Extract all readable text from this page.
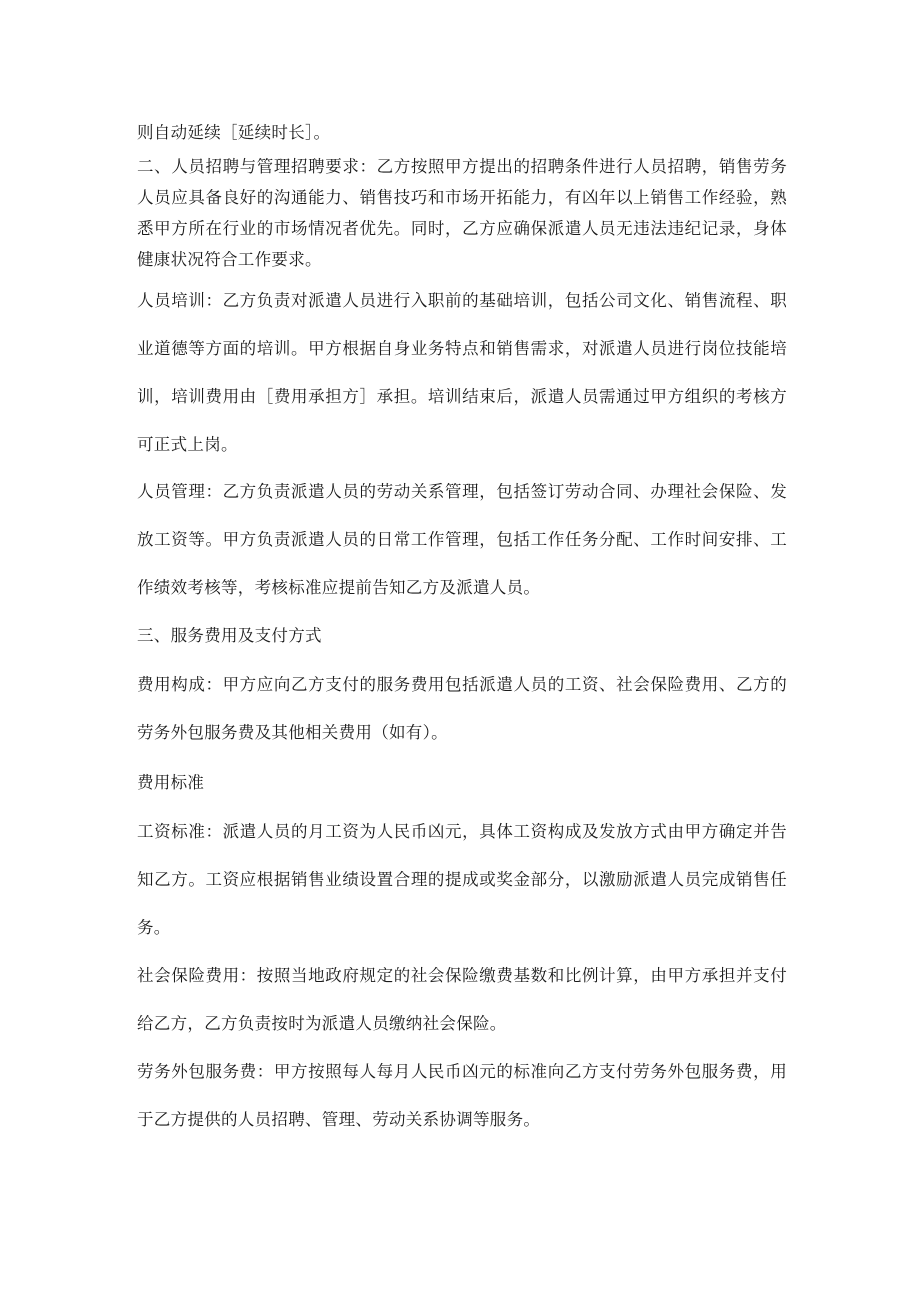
则自动延续［延续时长］。

二、人员招聘与管理招聘要求：乙方按照甲方提出的招聘条件进行人员招聘，销售劳务人员应具备良好的沟通能力、销售技巧和市场开拓能力，有凶年以上销售工作经验，熟悉甲方所在行业的市场情况者优先。同时，乙方应确保派遣人员无违法违纪记录，身体健康状况符合工作要求。

人员培训：乙方负责对派遣人员进行入职前的基础培训，包括公司文化、销售流程、职业道德等方面的培训。甲方根据自身业务特点和销售需求，对派遣人员进行岗位技能培训，培训费用由［费用承担方］承担。培训结束后，派遣人员需通过甲方组织的考核方可正式上岗。

人员管理：乙方负责派遣人员的劳动关系管理，包括签订劳动合同、办理社会保险、发放工资等。甲方负责派遣人员的日常工作管理，包括工作任务分配、工作时间安排、工作绩效考核等，考核标准应提前告知乙方及派遣人员。

三、服务费用及支付方式

费用构成：甲方应向乙方支付的服务费用包括派遣人员的工资、社会保险费用、乙方的劳务外包服务费及其他相关费用（如有）。

费用标准

工资标准：派遣人员的月工资为人民币凶元，具体工资构成及发放方式由甲方确定并告知乙方。工资应根据销售业绩设置合理的提成或奖金部分，以激励派遣人员完成销售任务。

社会保险费用：按照当地政府规定的社会保险缴费基数和比例计算，由甲方承担并支付给乙方，乙方负责按时为派遣人员缴纳社会保险。

劳务外包服务费：甲方按照每人每月人民币凶元的标准向乙方支付劳务外包服务费，用于乙方提供的人员招聘、管理、劳动关系协调等服务。
